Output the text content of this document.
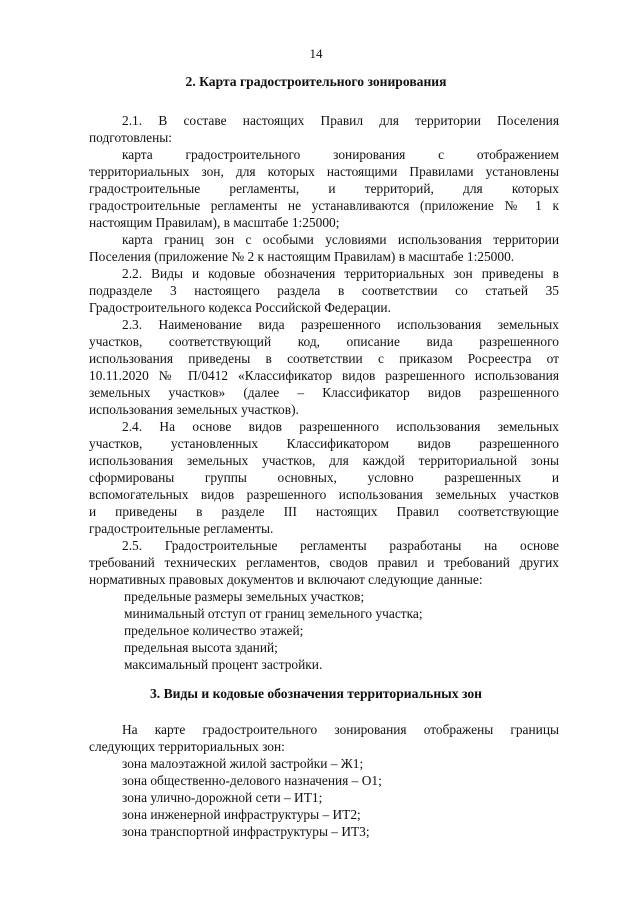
14
2. Карта градостроительного зонирования
2.1. В составе настоящих Правил для территории Поселения
подготовлены:
карта градостроительного зонирования с отображением
территориальных зон, для которых настоящими Правилами установлены
градостроительные регламенты, и территорий, для которых
градостроительные регламенты не устанавливаются (приложение № 1 к
настоящим Правилам), в масштабе 1:25000;
карта границ зон с особыми условиями использования территории
Поселения (приложение № 2 к настоящим Правилам) в масштабе 1:25000.
2.2. Виды и кодовые обозначения территориальных зон приведены в
подразделе 3 настоящего раздела в соответствии со статьей 35
Градостроительного кодекса Российской Федерации.
2.3. Наименование вида разрешенного использования земельных
участков, соответствующий код, описание вида разрешенного
использования приведены в соответствии с приказом Росреестра от
10.11.2020 № П/0412 «Классификатор видов разрешенного использования
земельных участков» (далее – Классификатор видов разрешенного
использования земельных участков).
2.4. На основе видов разрешенного использования земельных
участков, установленных Классификатором видов разрешенного
использования земельных участков, для каждой территориальной зоны
сформированы группы основных, условно разрешенных и
вспомогательных видов разрешенного использования земельных участков
и приведены в разделе III настоящих Правил соответствующие
градостроительные регламенты.
2.5. Градостроительные регламенты разработаны на основе
требований технических регламентов, сводов правил и требований других
нормативных правовых документов и включают следующие данные:
предельные размеры земельных участков;
минимальный отступ от границ земельного участка;
предельное количество этажей;
предельная высота зданий;
максимальный процент застройки.
3. Виды и кодовые обозначения территориальных зон
На карте градостроительного зонирования отображены границы
следующих территориальных зон:
зона малоэтажной жилой застройки – Ж1;
зона общественно-делового назначения – О1;
зона улично-дорожной сети – ИТ1;
зона инженерной инфраструктуры – ИТ2;
зона транспортной инфраструктуры – ИТ3;
